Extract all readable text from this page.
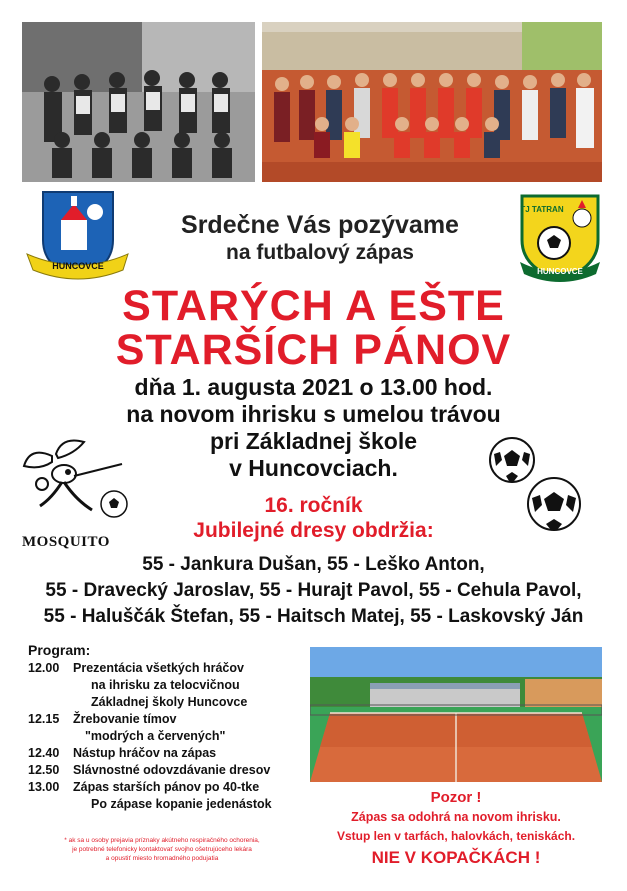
HUNCOVCE
TJ TATRAN
HUNCOVCE
Srdečne Vás pozývame
na futbalový zápas
STARÝCH A EŠTE
STARŠÍCH PÁNOV
dňa 1. augusta 2021 o 13.00 hod.
na novom ihrisku s umelou trávou
pri Základnej škole
v Huncovciach.
MOSQUITO
16. ročník
Jubilejné dresy obdržia:
55 - Jankura Dušan, 55 - Leško Anton,
55 - Dravecký Jaroslav, 55 - Hurajt Pavol, 55 - Cehula Pavol,
55 - Haluščák Štefan, 55 - Haitsch Matej, 55 - Laskovský Ján
Program:
12.00	Prezentácia všetkých hráčov
na ihrisku za telocvičnou
Základnej školy Huncovce
12.15	Žrebovanie tímov
"modrých a červených"
12.40	Nástup hráčov na zápas
12.50	Slávnostné odovzdávanie dresov
13.00	Zápas starších pánov po 40-tke
Po zápase kopanie jedenástok
* ak sa u osoby prejavia príznaky akútneho respiračného ochorenia,
je potrebné telefonicky kontaktovať svojho ošetrujúceho lekára
a opustiť miesto hromadného podujatia
Pozor !
Zápas sa odohrá na novom ihrisku.
Vstup len v tarfách, halovkách, teniskách.
NIE V KOPAČKÁCH !
